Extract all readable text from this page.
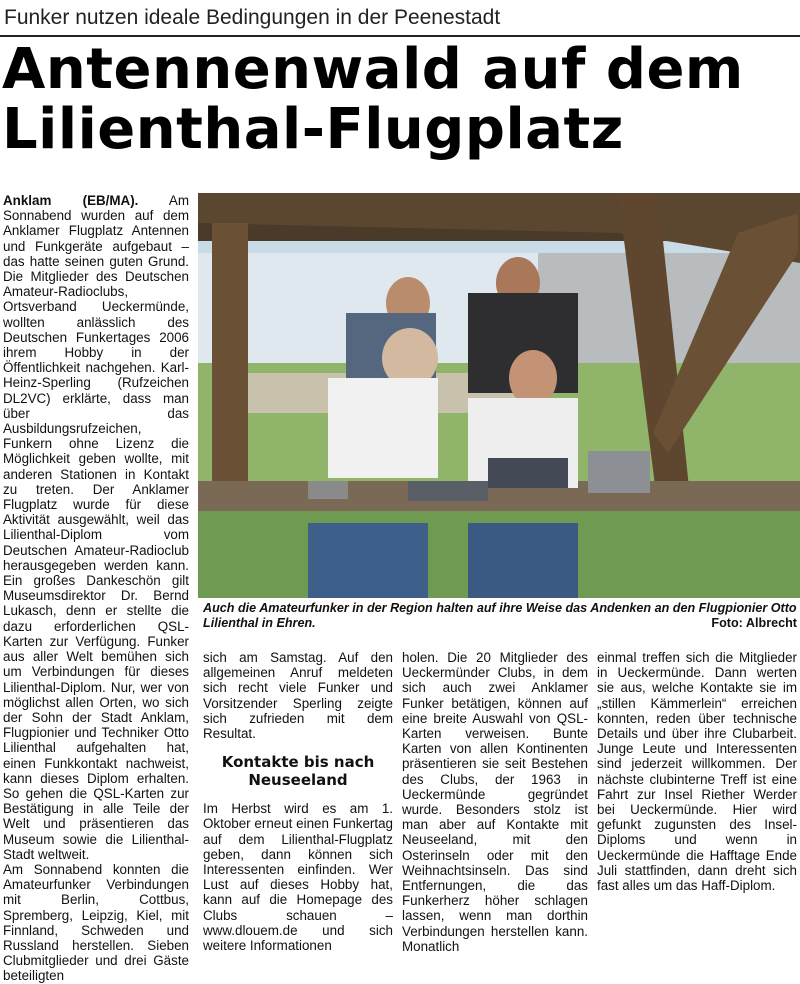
Funker nutzen ideale Bedingungen in der Peenestadt
Antennenwald auf dem
Lilienthal-Flugplatz

Anklam (EB/MA). Am Sonnabend wurden auf dem Anklamer Flugplatz Antennen und Funkgeräte aufgebaut – das hatte seinen guten Grund. Die Mitglieder des Deutschen Amateur-Radioclubs, Ortsverband Ueckermünde, wollten anlässlich des Deutschen Funkertages 2006 ihrem Hobby in der Öffentlichkeit nachgehen. Karl-Heinz-Sperling (Rufzeichen DL2VC) erklärte, dass man über das Ausbildungsrufzeichen, Funkern ohne Lizenz die Möglichkeit geben wollte, mit anderen Stationen in Kontakt zu treten. Der Anklamer Flugplatz wurde für diese Aktivität ausgewählt, weil das Lilienthal-Diplom vom Deutschen Amateur-Radioclub herausgegeben werden kann. Ein großes Dankeschön gilt Museumsdirektor Dr. Bernd Lukasch, denn er stellte die dazu erforderlichen QSL-Karten zur Verfügung. Funker aus aller Welt bemühen sich um Verbindungen für dieses Lilienthal-Diplom. Nur, wer von möglichst allen Orten, wo sich der Sohn der Stadt Anklam, Flugpionier und Techniker Otto Lilienthal aufgehalten hat, einen Funkkontakt nachweist, kann dieses Diplom erhalten. So gehen die QSL-Karten zur Bestätigung in alle Teile der Welt und präsentieren das Museum sowie die Lilienthal-Stadt weltweit.

Am Sonnabend konnten die Amateurfunker Verbindungen mit Berlin, Cottbus, Spremberg, Leipzig, Kiel, mit Finnland, Schweden und Russland herstellen. Sieben Clubmitglieder und drei Gäste beteiligten

Auch die Amateurfunker in der Region halten auf ihre Weise das Andenken an den Flugpionier Otto Lilienthal in Ehren.	Foto: Albrecht

sich am Samstag. Auf den allgemeinen Anruf meldeten sich recht viele Funker und Vorsitzender Sperling zeigte sich zufrieden mit dem Resultat.

Kontakte bis nach Neuseeland

Im Herbst wird es am 1. Oktober erneut einen Funkertag auf dem Lilienthal-Flugplatz geben, dann können sich Interessenten einfinden. Wer Lust auf dieses Hobby hat, kann auf die Homepage des Clubs schauen – www.dlouem.de und sich weitere Informationen

holen. Die 20 Mitglieder des Ueckermünder Clubs, in dem sich auch zwei Anklamer Funker betätigen, können auf eine breite Auswahl von QSL-Karten verweisen. Bunte Karten von allen Kontinenten präsentieren sie seit Bestehen des Clubs, der 1963 in Ueckermünde gegründet wurde. Besonders stolz ist man aber auf Kontakte mit Neuseeland, mit den Osterinseln oder mit den Weihnachtsinseln. Das sind Entfernungen, die das Funkerherz höher schlagen lassen, wenn man dorthin Verbindungen herstellen kann. Monatlich

einmal treffen sich die Mitglieder in Ueckermünde. Dann werten sie aus, welche Kontakte sie im „stillen Kämmerlein“ erreichen konnten, reden über technische Details und über ihre Clubarbeit. Junge Leute und Interessenten sind jederzeit willkommen. Der nächste clubinterne Treff ist eine Fahrt zur Insel Riether Werder bei Ueckermünde. Hier wird gefunkt zugunsten des Insel-Diploms und wenn in Ueckermünde die Hafftage Ende Juli stattfinden, dann dreht sich fast alles um das Haff-Diplom.
